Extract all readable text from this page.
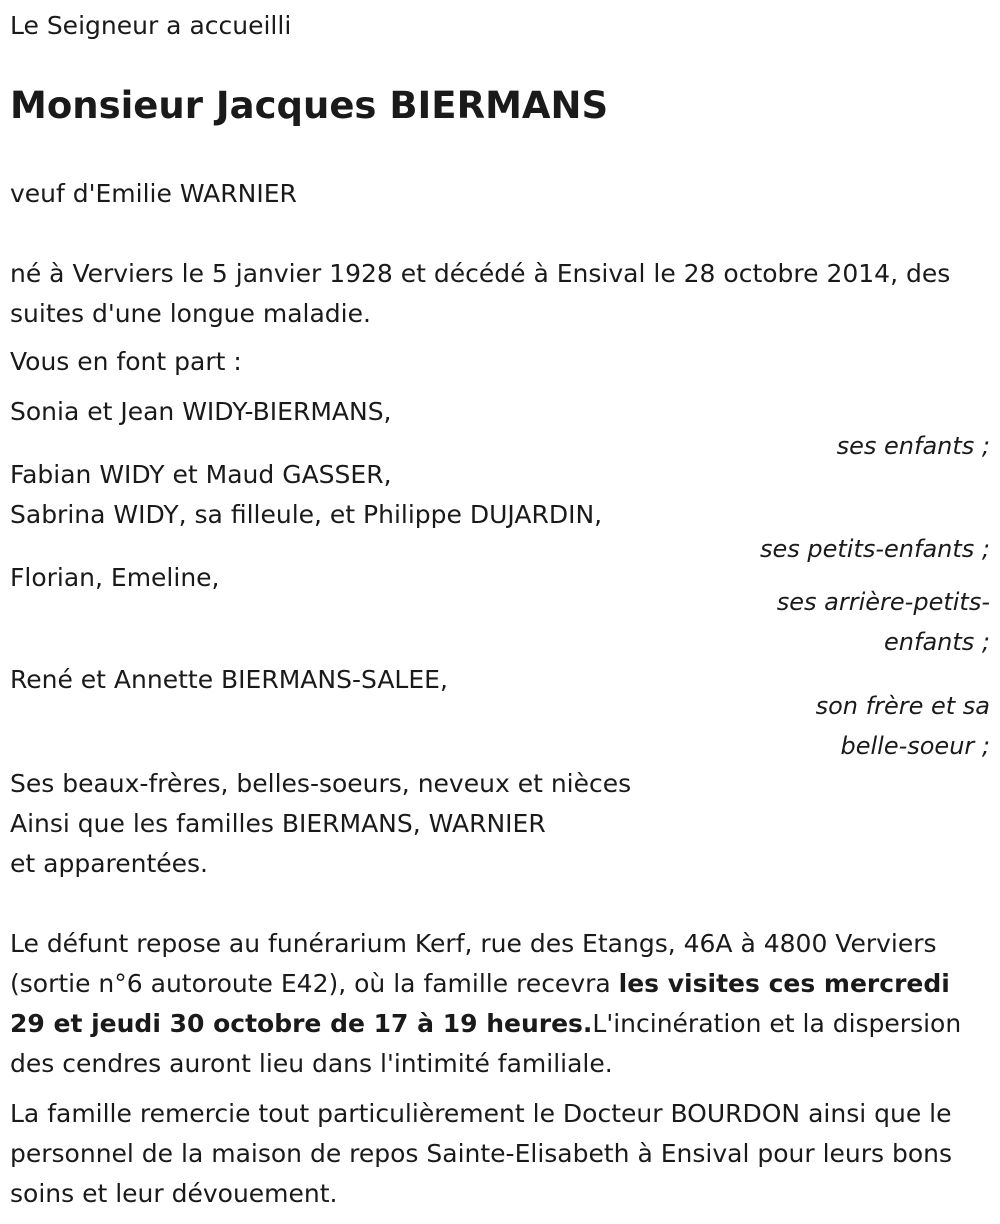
Le Seigneur a accueilli

Monsieur Jacques BIERMANS

veuf d'Emilie WARNIER

né à Verviers le 5 janvier 1928 et décédé à Ensival le 28 octobre 2014, des suites d'une longue maladie.

Vous en font part :

Sonia et Jean WIDY-BIERMANS,

ses enfants ;

Fabian WIDY et Maud GASSER,
Sabrina WIDY, sa filleule, et Philippe DUJARDIN,

ses petits-enfants ;

Florian, Emeline,

ses arrière-petits-
enfants ;

René et Annette BIERMANS-SALEE,

son frère et sa
belle-soeur ;

Ses beaux-frères, belles-soeurs, neveux et nièces
Ainsi que les familles BIERMANS, WARNIER
et apparentées.

Le défunt repose au funérarium Kerf, rue des Etangs, 46A à 4800 Verviers (sortie n°6 autoroute E42), où la famille recevra les visites ces mercredi 29 et jeudi 30 octobre de 17 à 19 heures.L'incinération et la dispersion des cendres auront lieu dans l'intimité familiale.

La famille remercie tout particulièrement le Docteur BOURDON ainsi que le personnel de la maison de repos Sainte-Elisabeth à Ensival pour leurs bons soins et leur dévouement.
